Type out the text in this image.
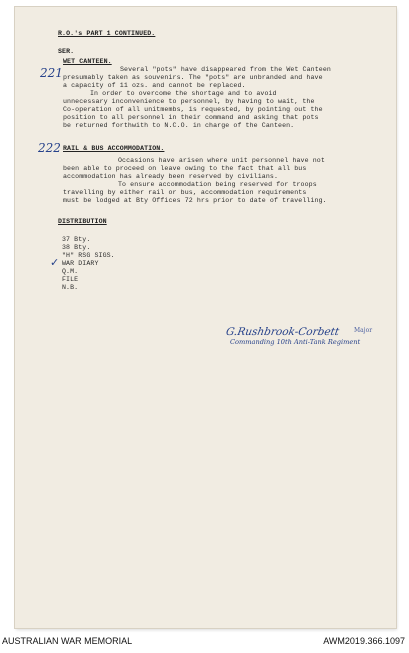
R.O.'s PART 1 CONTINUED.
SER.
221
WET CANTEEN.
Several "pots" have disappeared from the Wet Canteen
presumably taken as souvenirs. The "pots" are unbranded and have
a capacity of 11 ozs. and cannot be replaced.
In order to overcome the shortage and to avoid
unnecessary inconvenience to personnel, by having to wait, the
Co-operation of all unitmembs, is requested, by pointing out the
position to all personnel in their command and asking that pots
be returned forthwith to N.C.O. in charge of the Canteen.
222 RAIL & BUS ACCOMMODATION.
Occasions have arisen where unit personnel have not
been able to proceed on leave owing to the fact that all bus
accommodation has already been reserved by civilians.
To ensure accommodation being reserved for troops
travelling by either rail or bus, accommodation requirements
must be lodged at Bty Offices 72 hrs prior to date of travelling.
DISTRIBUTION
37 Bty.
38 Bty.
"H" RSG SIGS.
✓ WAR DIARY
Q.M.
FILE
N.B.
G.Rushbrook-Corbett Major
Commanding 10th Anti-Tank Regiment
AUSTRALIAN WAR MEMORIAL	AWM2019.366.1097
